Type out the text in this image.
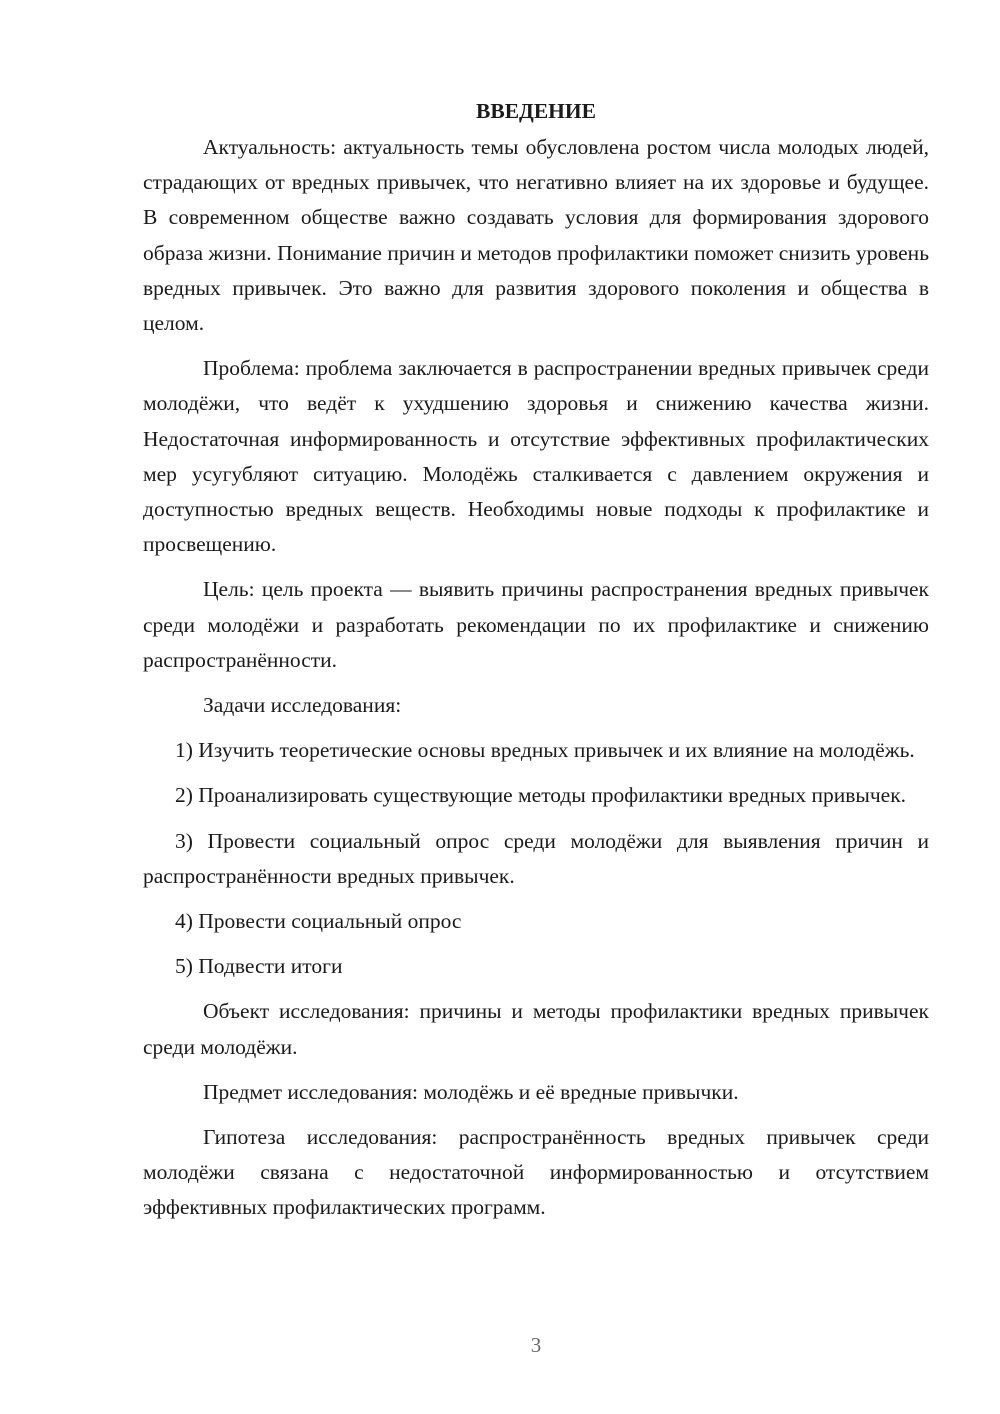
ВВЕДЕНИЕ

Актуальность: актуальность темы обусловлена ростом числа молодых людей, страдающих от вредных привычек, что негативно влияет на их здоровье и будущее. В современном обществе важно создавать условия для формирования здорового образа жизни. Понимание причин и методов профилактики поможет снизить уровень вредных привычек. Это важно для развития здорового поколения и общества в целом.

Проблема: проблема заключается в распространении вредных привычек среди молодёжи, что ведёт к ухудшению здоровья и снижению качества жизни. Недостаточная информированность и отсутствие эффективных профилактических мер усугубляют ситуацию. Молодёжь сталкивается с давлением окружения и доступностью вредных веществ. Необходимы новые подходы к профилактике и просвещению.

Цель: цель проекта — выявить причины распространения вредных привычек среди молодёжи и разработать рекомендации по их профилактике и снижению распространённости.

Задачи исследования:

1) Изучить теоретические основы вредных привычек и их влияние на молодёжь.

2) Проанализировать существующие методы профилактики вредных привычек.

3) Провести социальный опрос среди молодёжи для выявления причин и распространённости вредных привычек.

4) Провести социальный опрос

5) Подвести итоги

Объект исследования: причины и методы профилактики вредных привычек среди молодёжи.

Предмет исследования: молодёжь и её вредные привычки.

Гипотеза исследования: распространённость вредных привычек среди молодёжи связана с недостаточной информированностью и отсутствием эффективных профилактических программ.

3
